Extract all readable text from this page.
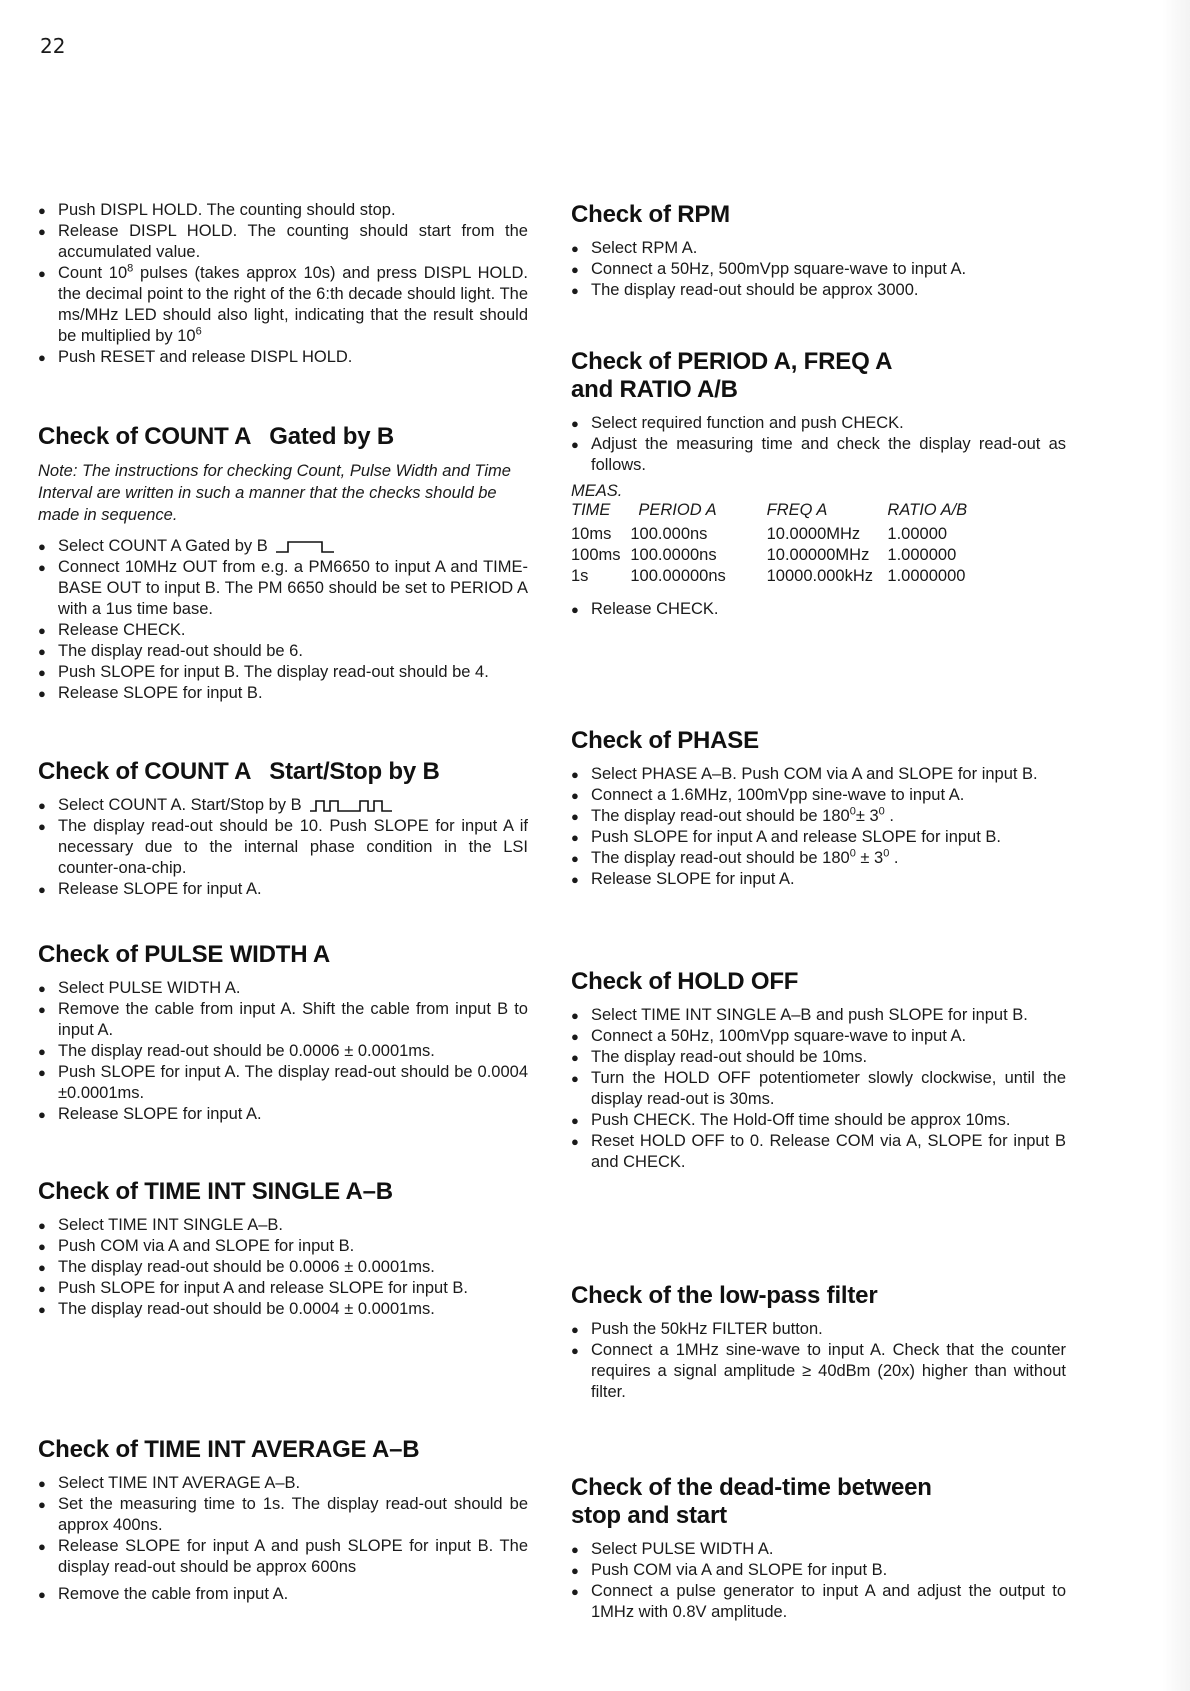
22
● Push DISPL HOLD. The counting should stop.
● Release DISPL HOLD. The counting should start from the accumulated value.
● Count $10^8$ pulses (takes approx 10s) and press DISPL HOLD. the decimal point to the right of the 6:th decade should light. The ms/MHz LED should also light, indicating that the result should be multiplied by $10^6$
● Push RESET and release DISPL HOLD.
Check of COUNT A Gated by B

Note: The instructions for checking Count, Pulse Width and Time Interval are written in such a manner that the checks should be made in sequence.

● Select COUNT A Gated by B
● Connect 10MHz OUT from e.g. a PM6650 to input A and TIME-BASE OUT to input B. The PM 6650 should be set to PERIOD A with a 1us time base.
● Release CHECK.
● The display read-out should be 6.
● Push SLOPE for input B. The display read-out should be 4.
● Release SLOPE for input B.
Check of COUNT A Start/Stop by B
● Select COUNT A. Start/Stop by B
● The display read-out should be 10. Push SLOPE for input A if necessary due to the internal phase condition in the LSI counter-ona-chip.
● Release SLOPE for input A.
Check of PULSE WIDTH A
● Select PULSE WIDTH A.
● Remove the cable from input A. Shift the cable from input B to input A.
● The display read-out should be 0.0006 ± 0.0001ms.
● Push SLOPE for input A. The display read-out should be 0.0004 ±0.0001ms.
● Release SLOPE for input A.
Check of TIME INT SINGLE A–B
● Select TIME INT SINGLE A–B.
● Push COM via A and SLOPE for input B.
● The display read-out should be 0.0006 ± 0.0001ms.
● Push SLOPE for input A and release SLOPE for input B.
● The display read-out should be 0.0004 ± 0.0001ms.
Check of TIME INT AVERAGE A–B
● Select TIME INT AVERAGE A–B.
● Set the measuring time to 1s. The display read-out should be approx 400ns.
● Release SLOPE for input A and push SLOPE for input B. The display read-out should be approx 600ns
● Remove the cable from input A.
Check of RPM
● Select RPM A.
● Connect a 50Hz, 500mVpp square-wave to input A.
● The display read-out should be approx 3000.
Check of PERIOD A, FREQ A
and RATIO A/B
● Select required function and push CHECK.
● Adjust the measuring time and check the display read-out as follows.
MEAS.
TIME	PERIOD A	FREQ A	RATIO A/B
10ms	100.000ns	10.0000MHz	1.00000
100ms	100.0000ns	10.00000MHz	1.000000
1s	100.00000ns	10000.000kHz	1.0000000
● Release CHECK.
Check of PHASE
● Select PHASE A–B. Push COM via A and SLOPE for input B.
● Connect a 1.6MHz, 100mVpp sine-wave to input A.
● The display read-out should be $180^0\pm 3^0$ .
● Push SLOPE for input A and release SLOPE for input B.
● The display read-out should be $180^0 \pm 3^0$ .
● Release SLOPE for input A.
Check of HOLD OFF
● Select TIME INT SINGLE A–B and push SLOPE for input B.
● Connect a 50Hz, 100mVpp square-wave to input A.
● The display read-out should be 10ms.
● Turn the HOLD OFF potentiometer slowly clockwise, until the display read-out is 30ms.
● Push CHECK. The Hold-Off time should be approx 10ms.
● Reset HOLD OFF to 0. Release COM via A, SLOPE for input B and CHECK.
Check of the low-pass filter
● Push the 50kHz FILTER button.
● Connect a 1MHz sine-wave to input A. Check that the counter requires a signal amplitude ≥ 40dBm (20x) higher than without filter.
Check of the dead-time between
stop and start
● Select PULSE WIDTH A.
● Push COM via A and SLOPE for input B.
● Connect a pulse generator to input A and adjust the output to 1MHz with 0.8V amplitude.
